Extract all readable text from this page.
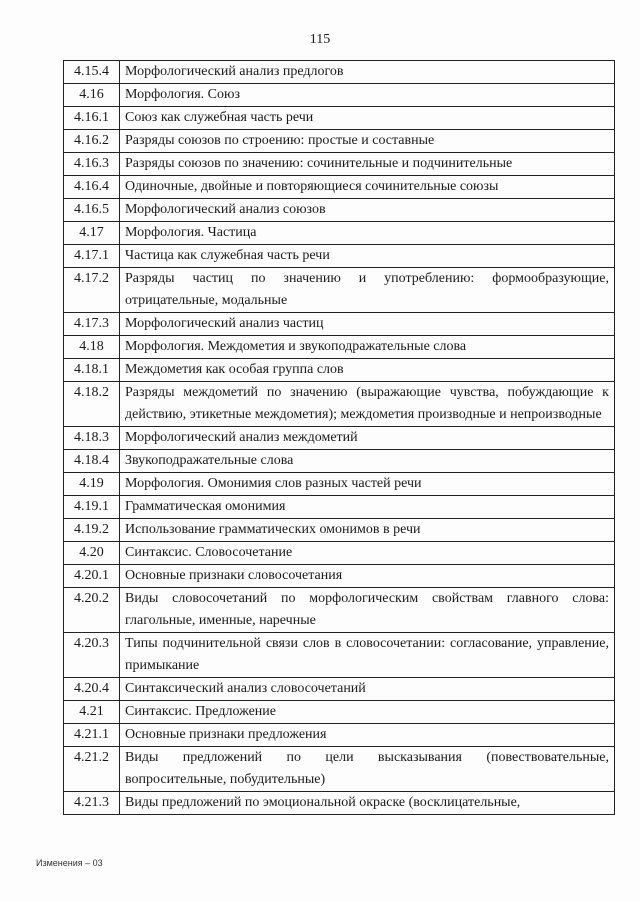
115
4.15.4	Морфологический анализ предлогов
4.16	Морфология. Союз
4.16.1	Союз как служебная часть речи
4.16.2	Разряды союзов по строению: простые и составные
4.16.3	Разряды союзов по значению: сочинительные и подчинительные
4.16.4	Одиночные, двойные и повторяющиеся сочинительные союзы
4.16.5	Морфологический анализ союзов
4.17	Морфология. Частица
4.17.1	Частица как служебная часть речи
4.17.2	Разряды частиц по значению и употреблению: формообразующие, отрицательные, модальные
4.17.3	Морфологический анализ частиц
4.18	Морфология. Междометия и звукоподражательные слова
4.18.1	Междометия как особая группа слов
4.18.2	Разряды междометий по значению (выражающие чувства, побуждающие к действию, этикетные междометия); междометия производные и непроизводные
4.18.3	Морфологический анализ междометий
4.18.4	Звукоподражательные слова
4.19	Морфология. Омонимия слов разных частей речи
4.19.1	Грамматическая омонимия
4.19.2	Использование грамматических омонимов в речи
4.20	Синтаксис. Словосочетание
4.20.1	Основные признаки словосочетания
4.20.2	Виды словосочетаний по морфологическим свойствам главного слова: глагольные, именные, наречные
4.20.3	Типы подчинительной связи слов в словосочетании: согласование, управление, примыкание
4.20.4	Синтаксический анализ словосочетаний
4.21	Синтаксис. Предложение
4.21.1	Основные признаки предложения
4.21.2	Виды предложений по цели высказывания (повествовательные, вопросительные, побудительные)
4.21.3	Виды предложений по эмоциональной окраске (восклицательные,
Изменения – 03
